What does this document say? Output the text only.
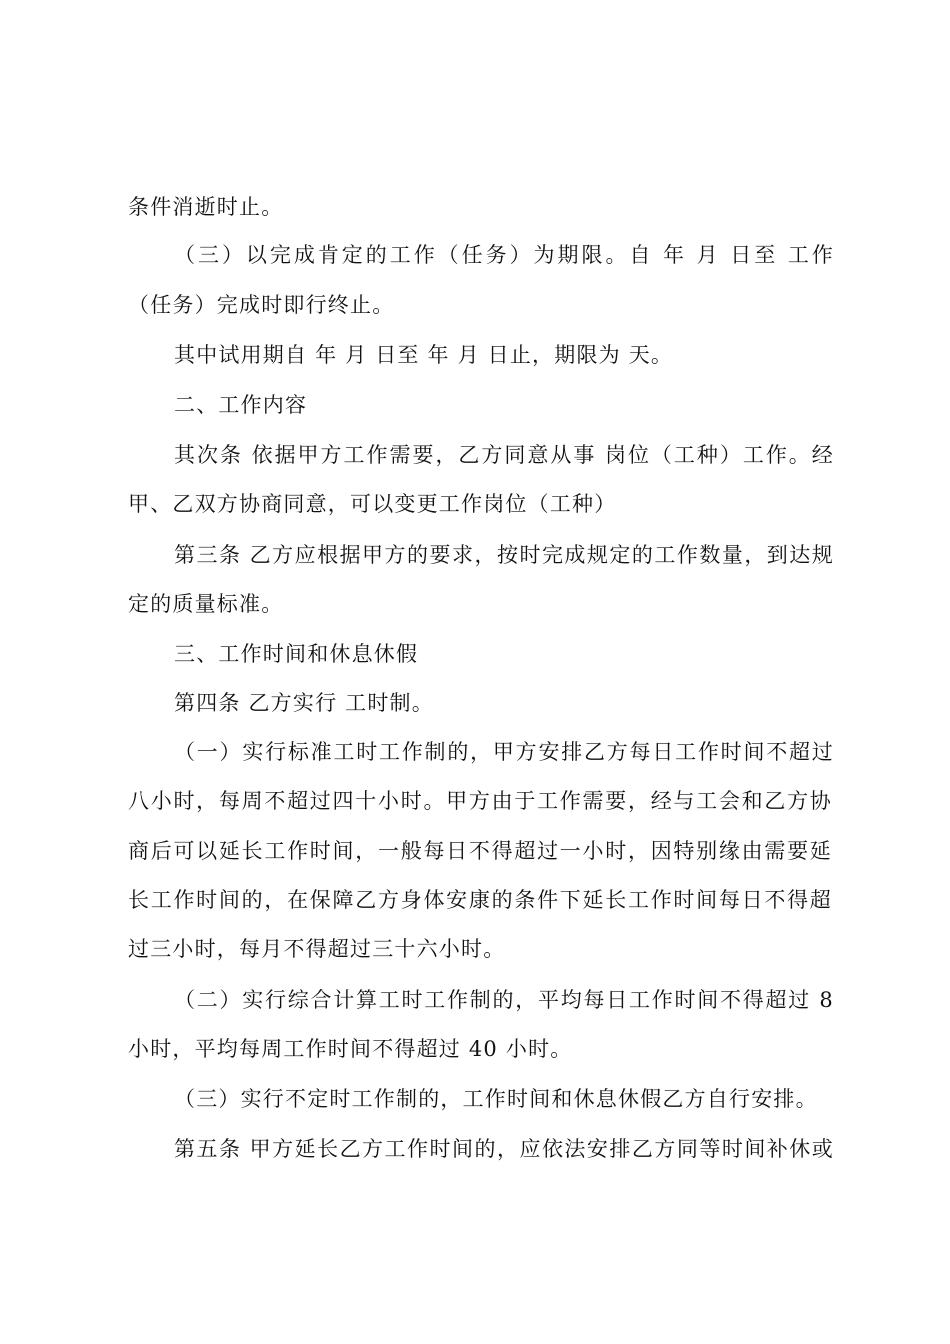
条件消逝时止。
（三）以完成肯定的工作（任务）为期限。自 年 月 日至 工作
（任务）完成时即行终止。
其中试用期自 年 月 日至 年 月 日止，期限为 天。
二、工作内容
其次条 依据甲方工作需要，乙方同意从事 岗位（工种）工作。经
甲、乙双方协商同意，可以变更工作岗位（工种）
第三条 乙方应根据甲方的要求，按时完成规定的工作数量，到达规
定的质量标准。
三、工作时间和休息休假
第四条 乙方实行 工时制。
（一）实行标准工时工作制的，甲方安排乙方每日工作时间不超过
八小时，每周不超过四十小时。甲方由于工作需要，经与工会和乙方协
商后可以延长工作时间，一般每日不得超过一小时，因特别缘由需要延
长工作时间的，在保障乙方身体安康的条件下延长工作时间每日不得超
过三小时，每月不得超过三十六小时。
（二）实行综合计算工时工作制的，平均每日工作时间不得超过 8
小时，平均每周工作时间不得超过 40 小时。
（三）实行不定时工作制的，工作时间和休息休假乙方自行安排。
第五条 甲方延长乙方工作时间的，应依法安排乙方同等时间补休或
